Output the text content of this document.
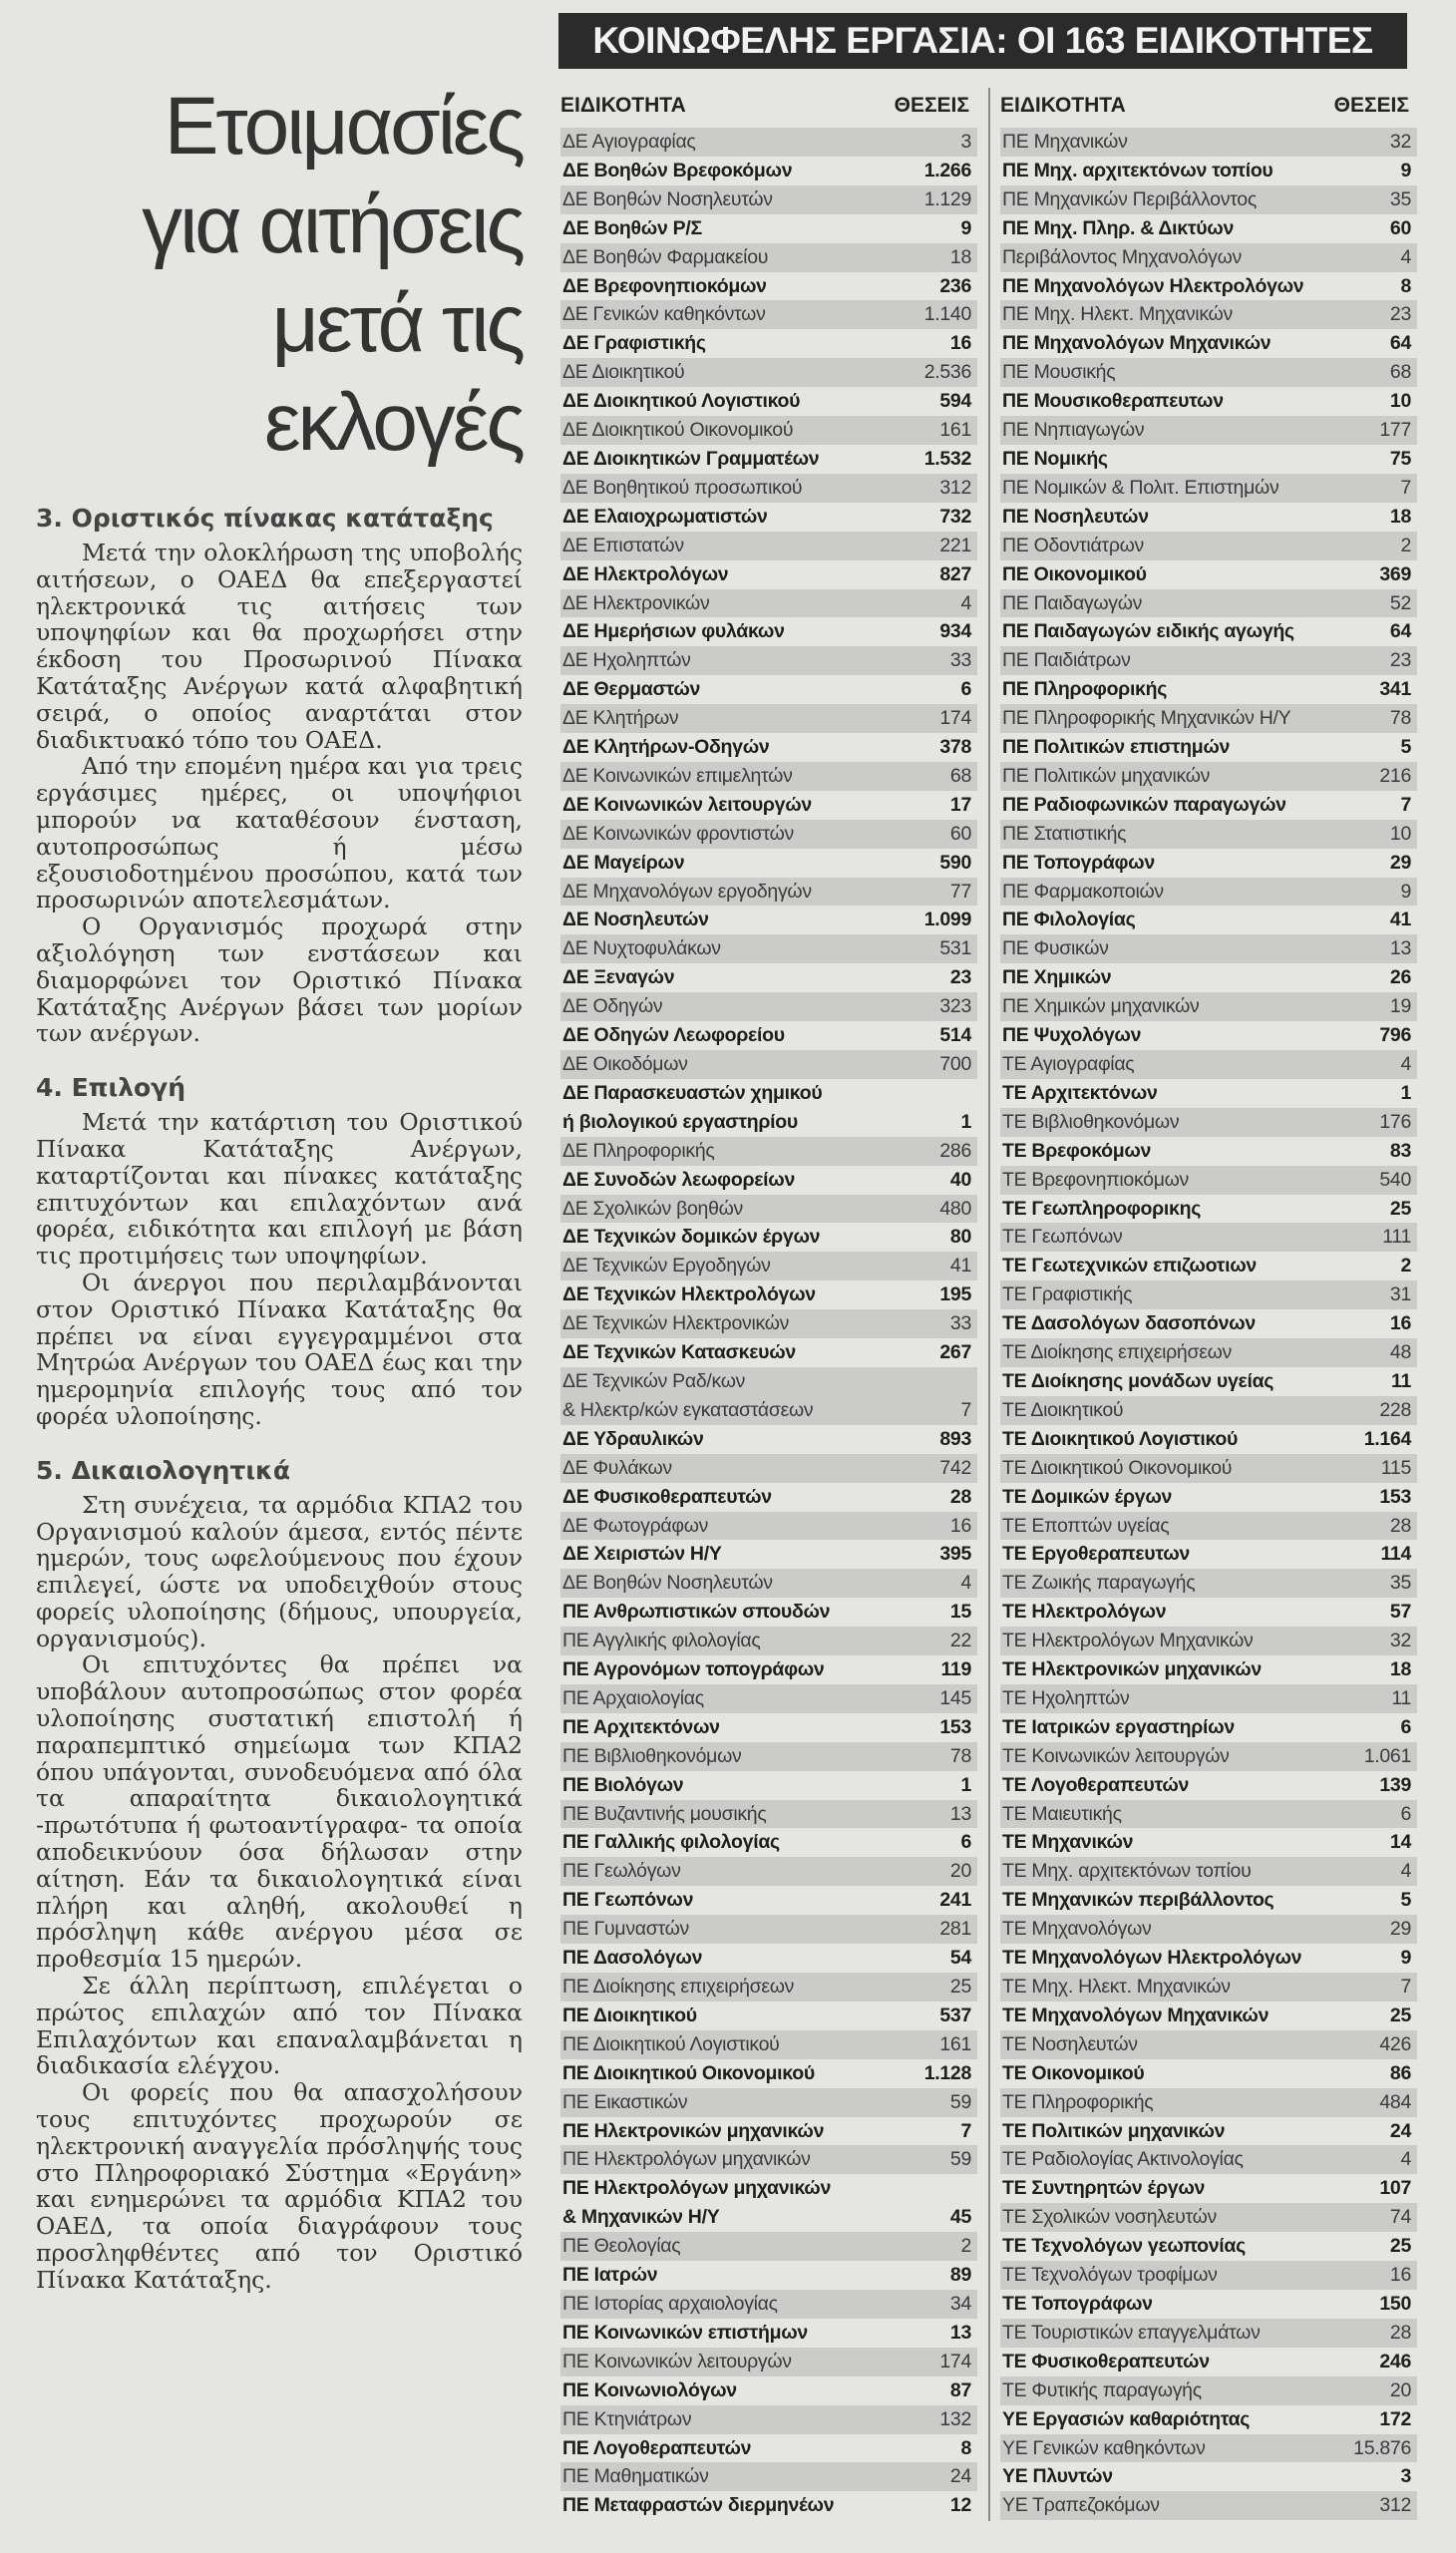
Ετοιμασίες
για αιτήσεις
μετά τις
εκλογές
3. Οριστικός πίνακας κατάταξης

Μετά την ολοκλήρωση της υποβολής αιτήσεων, ο ΟΑΕΔ θα επεξεργαστεί ηλεκτρονικά τις αιτήσεις των υποψηφίων και θα προχωρήσει στην έκδοση του Προσωρινού Πίνακα Κατάταξης Ανέργων κατά αλφαβητική σειρά, ο οποίος αναρτάται στον διαδικτυακό τόπο του ΟΑΕΔ.

Από την επομένη ημέρα και για τρεις εργάσιμες ημέρες, οι υποψήφιοι μπορούν να καταθέσουν ένσταση, αυτοπροσώπως ή μέσω εξουσιοδοτημένου προσώπου, κατά των προσωρινών αποτελεσμάτων.

Ο Οργανισμός προχωρά στην αξιολόγηση των ενστάσεων και διαμορφώνει τον Οριστικό Πίνακα Κατάταξης Ανέργων βάσει των μορίων των ανέργων.

4. Επιλογή

Μετά την κατάρτιση του Οριστικού Πίνακα Κατάταξης Ανέργων, καταρτίζονται και πίνακες κατάταξης επιτυχόντων και επιλαχόντων ανά φορέα, ειδικότητα και επιλογή με βάση τις προτιμήσεις των υποψηφίων.

Οι άνεργοι που περιλαμβάνονται στον Οριστικό Πίνακα Κατάταξης θα πρέπει να είναι εγγεγραμμένοι στα Μητρώα Ανέργων του ΟΑΕΔ έως και την ημερομηνία επιλογής τους από τον φορέα υλοποίησης.

5. Δικαιολογητικά

Στη συνέχεια, τα αρμόδια ΚΠΑ2 του Οργανισμού καλούν άμεσα, εντός πέντε ημερών, τους ωφελούμενους που έχουν επιλεγεί, ώστε να υποδειχθούν στους φορείς υλοποίησης (δήμους, υπουργεία, οργανισμούς).

Οι επιτυχόντες θα πρέπει να υποβάλουν αυτοπροσώπως στον φορέα υλοποίησης συστατική επιστολή ή παραπεμπτικό σημείωμα των ΚΠΑ2 όπου υπάγονται, συνοδευόμενα από όλα τα απαραίτητα δικαιολογητικά -πρωτότυπα ή φωτοαντίγραφα- τα οποία αποδεικνύουν όσα δήλωσαν στην αίτηση. Εάν τα δικαιολογητικά είναι πλήρη και αληθή, ακολουθεί η πρόσληψη κάθε ανέργου μέσα σε προθεσμία 15 ημερών.

Σε άλλη περίπτωση, επιλέγεται ο πρώτος επιλαχών από τον Πίνακα Επιλαχόντων και επαναλαμβάνεται η διαδικασία ελέγχου.

Οι φορείς που θα απασχολήσουν τους επιτυχόντες προχωρούν σε ηλεκτρονική αναγγελία πρόσληψής τους στο Πληροφοριακό Σύστημα «Εργάνη» και ενημερώνει τα αρμόδια ΚΠΑ2 του ΟΑΕΔ, τα οποία διαγράφουν τους προσληφθέντες από τον Οριστικό Πίνακα Κατάταξης.

ΚΟΙΝΩΦΕΛΗΣ ΕΡΓΑΣΙΑ: ΟΙ 163 ΕΙΔΙΚΟΤΗΤΕΣ
ΕΙΔΙΚΟΤΗΤΑ	ΘΕΣΕΙΣ
ΔΕ Αγιογραφίας	3
ΔΕ Βοηθών Βρεφοκόμων	1.266
ΔΕ Βοηθών Νοσηλευτών	1.129
ΔΕ Βοηθών Ρ/Σ	9
ΔΕ Βοηθών Φαρμακείου	18
ΔΕ Βρεφονηπιοκόμων	236
ΔΕ Γενικών καθηκόντων	1.140
ΔΕ Γραφιστικής	16
ΔΕ Διοικητικού	2.536
ΔΕ Διοικητικού Λογιστικού	594
ΔΕ Διοικητικού Οικονομικού	161
ΔΕ Διοικητικών Γραμματέων	1.532
ΔΕ Βοηθητικού προσωπικού	312
ΔΕ Ελαιοχρωματιστών	732
ΔΕ Επιστατών	221
ΔΕ Ηλεκτρολόγων	827
ΔΕ Ηλεκτρονικών	4
ΔΕ Ημερήσιων φυλάκων	934
ΔΕ Ηχοληπτών	33
ΔΕ Θερμαστών	6
ΔΕ Κλητήρων	174
ΔΕ Κλητήρων-Οδηγών	378
ΔΕ Κοινωνικών επιμελητών	68
ΔΕ Κοινωνικών λειτουργών	17
ΔΕ Κοινωνικών φροντιστών	60
ΔΕ Μαγείρων	590
ΔΕ Μηχανολόγων εργοδηγών	77
ΔΕ Νοσηλευτών	1.099
ΔΕ Νυχτοφυλάκων	531
ΔΕ Ξεναγών	23
ΔΕ Οδηγών	323
ΔΕ Οδηγών Λεωφορείου	514
ΔΕ Οικοδόμων	700
ΔΕ Παρασκευαστών χημικού
ή βιολογικού εργαστηρίου	1
ΔΕ Πληροφορικής	286
ΔΕ Συνοδών λεωφορείων	40
ΔΕ Σχολικών βοηθών	480
ΔΕ Τεχνικών δομικών έργων	80
ΔΕ Τεχνικών Εργοδηγών	41
ΔΕ Τεχνικών Ηλεκτρολόγων	195
ΔΕ Τεχνικών Ηλεκτρονικών	33
ΔΕ Τεχνικών Κατασκευών	267
ΔΕ Τεχνικών Ραδ/κων
& Ηλεκτρ/κών εγκαταστάσεων	7
ΔΕ Υδραυλικών	893
ΔΕ Φυλάκων	742
ΔΕ Φυσικοθεραπευτών	28
ΔΕ Φωτογράφων	16
ΔΕ Χειριστών Η/Υ	395
ΔΕ Βοηθών Νοσηλευτών	4
ΠΕ Ανθρωπιστικών σπουδών	15
ΠΕ Αγγλικής φιλολογίας	22
ΠΕ Αγρονόμων τοπογράφων	119
ΠΕ Αρχαιολογίας	145
ΠΕ Αρχιτεκτόνων	153
ΠΕ Βιβλιοθηκονόμων	78
ΠΕ Βιολόγων	1
ΠΕ Βυζαντινής μουσικής	13
ΠΕ Γαλλικής φιλολογίας	6
ΠΕ Γεωλόγων	20
ΠΕ Γεωπόνων	241
ΠΕ Γυμναστών	281
ΠΕ Δασολόγων	54
ΠΕ Διοίκησης επιχειρήσεων	25
ΠΕ Διοικητικού	537
ΠΕ Διοικητικού Λογιστικού	161
ΠΕ Διοικητικού Οικονομικού	1.128
ΠΕ Εικαστικών	59
ΠΕ Ηλεκτρονικών μηχανικών	7
ΠΕ Ηλεκτρολόγων μηχανικών	59
ΠΕ Ηλεκτρολόγων μηχανικών
& Μηχανικών Η/Υ	45
ΠΕ Θεολογίας	2
ΠΕ Ιατρών	89
ΠΕ Ιστορίας αρχαιολογίας	34
ΠΕ Κοινωνικών επιστήμων	13
ΠΕ Κοινωνικών λειτουργών	174
ΠΕ Κοινωνιολόγων	87
ΠΕ Κτηνιάτρων	132
ΠΕ Λογοθεραπευτών	8
ΠΕ Μαθηματικών	24
ΠΕ Μεταφραστών διερμηνέων	12
ΕΙΔΙΚΟΤΗΤΑ	ΘΕΣΕΙΣ
ΠΕ Μηχανικών	32
ΠΕ Μηχ. αρχιτεκτόνων τοπίου	9
ΠΕ Μηχανικών Περιβάλλοντος	35
ΠΕ Μηχ. Πληρ. & Δικτύων	60
Περιβάλοντος Μηχανολόγων	4
ΠΕ Μηχανολόγων Ηλεκτρολόγων	8
ΠΕ Μηχ. Ηλεκτ. Μηχανικών	23
ΠΕ Μηχανολόγων Μηχανικών	64
ΠΕ Μουσικής	68
ΠΕ Μουσικοθεραπευτων	10
ΠΕ Νηπιαγωγών	177
ΠΕ Νομικής	75
ΠΕ Νομικών & Πολιτ. Επιστημών	7
ΠΕ Νοσηλευτών	18
ΠΕ Οδοντιάτρων	2
ΠΕ Οικονομικού	369
ΠΕ Παιδαγωγών	52
ΠΕ Παιδαγωγών ειδικής αγωγής	64
ΠΕ Παιδιάτρων	23
ΠΕ Πληροφορικής	341
ΠΕ Πληροφορικής Μηχανικών Η/Υ	78
ΠΕ Πολιτικών επιστημών	5
ΠΕ Πολιτικών μηχανικών	216
ΠΕ Ραδιοφωνικών παραγωγών	7
ΠΕ Στατιστικής	10
ΠΕ Τοπογράφων	29
ΠΕ Φαρμακοποιών	9
ΠΕ Φιλολογίας	41
ΠΕ Φυσικών	13
ΠΕ Χημικών	26
ΠΕ Χημικών μηχανικών	19
ΠΕ Ψυχολόγων	796
ΤΕ Αγιογραφίας	4
ΤΕ Αρχιτεκτόνων	1
ΤΕ Βιβλιοθηκονόμων	176
ΤΕ Βρεφοκόμων	83
ΤΕ Βρεφονηπιοκόμων	540
ΤΕ Γεωπληροφορικης	25
ΤΕ Γεωπόνων	111
ΤΕ Γεωτεχνικών επιζωοτιων	2
ΤΕ Γραφιστικής	31
ΤΕ Δασολόγων δασοπόνων	16
ΤΕ Διοίκησης επιχειρήσεων	48
ΤΕ Διοίκησης μονάδων υγείας	11
ΤΕ Διοικητικού	228
ΤΕ Διοικητικού Λογιστικού	1.164
ΤΕ Διοικητικού Οικονομικού	115
ΤΕ Δομικών έργων	153
ΤΕ Εποπτών υγείας	28
ΤΕ Εργοθεραπευτων	114
ΤΕ Ζωικής παραγωγής	35
ΤΕ Ηλεκτρολόγων	57
ΤΕ Ηλεκτρολόγων Μηχανικών	32
ΤΕ Ηλεκτρονικών μηχανικών	18
ΤΕ Ηχοληπτών	11
ΤΕ Ιατρικών εργαστηρίων	6
ΤΕ Κοινωνικών λειτουργών	1.061
ΤΕ Λογοθεραπευτών	139
ΤΕ Μαιευτικής	6
ΤΕ Μηχανικών	14
ΤΕ Μηχ. αρχιτεκτόνων τοπίου	4
ΤΕ Μηχανικών περιβάλλοντος	5
ΤΕ Μηχανολόγων	29
ΤΕ Μηχανολόγων Ηλεκτρολόγων	9
ΤΕ Μηχ. Ηλεκτ. Μηχανικών	7
ΤΕ Μηχανολόγων Μηχανικών	25
ΤΕ Νοσηλευτών	426
ΤΕ Οικονομικού	86
ΤΕ Πληροφορικής	484
ΤΕ Πολιτικών μηχανικών	24
ΤΕ Ραδιολογίας Ακτινολογίας	4
ΤΕ Συντηρητών έργων	107
ΤΕ Σχολικών νοσηλευτών	74
ΤΕ Τεχνολόγων γεωπονίας	25
ΤΕ Τεχνολόγων τροφίμων	16
ΤΕ Τοπογράφων	150
ΤΕ Τουριστικών επαγγελμάτων	28
ΤΕ Φυσικοθεραπευτών	246
ΤΕ Φυτικής παραγωγής	20
ΥΕ Εργασιών καθαριότητας	172
ΥΕ Γενικών καθηκόντων	15.876
ΥΕ Πλυντών	3
ΥΕ Τραπεζοκόμων	312
